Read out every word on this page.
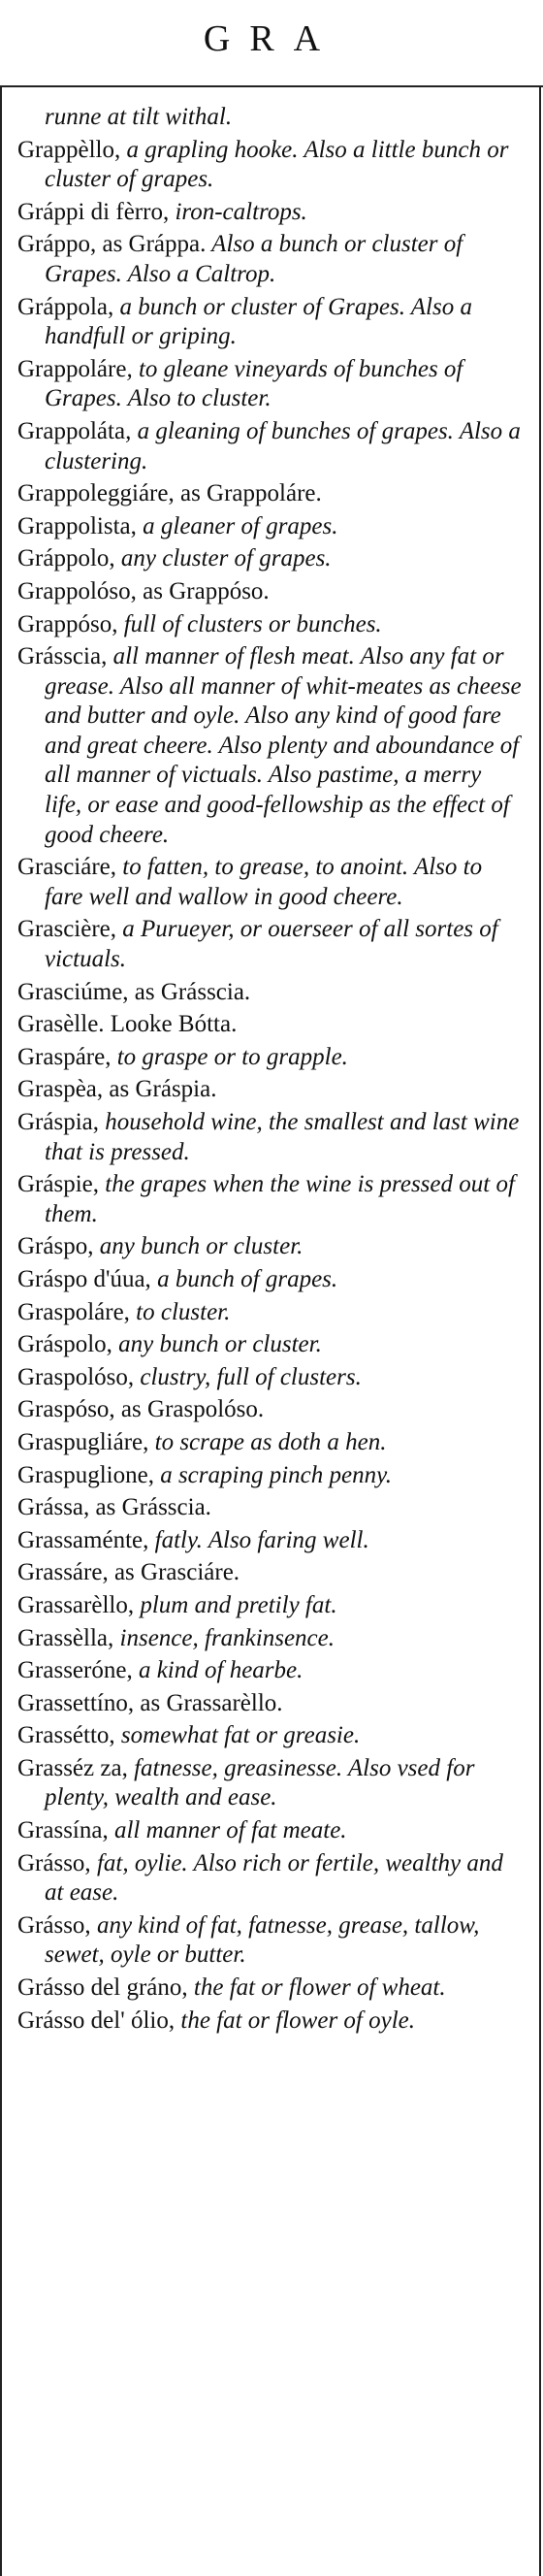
GRA

runne at tilt withal.

Grappèllo, a grapling hooke. Also a little bunch or cluster of grapes.

Gráppi di fèrro, iron-caltrops.

Gráppo, as Gráppa. Also a bunch or cluster of Grapes. Also a Caltrop.

Gráppola, a bunch or cluster of Grapes. Also a handfull or griping.

Grappoláre, to gleane vineyards of bunches of Grapes. Also to cluster.

Grappoláta, a gleaning of bunches of grapes. Also a clustering.

Grappoleggiáre, as Grappoláre.

Grappolista, a gleaner of grapes.

Gráppolo, any cluster of grapes.

Grappolóso, as Grappóso.

Grappóso, full of clusters or bunches.

Grásscia, all manner of flesh meat. Also any fat or grease. Also all manner of whit-meates as cheese and butter and oyle. Also any kind of good fare and great cheere. Also plenty and aboundance of all manner of victuals. Also pastime, a merry life, or ease and good-fellowship as the effect of good cheere.

Grasciáre, to fatten, to grease, to anoint. Also to fare well and wallow in good cheere.

Grascière, a Purueyer, or ouerseer of all sortes of victuals.

Grasciúme, as Grásscia.

Grasèlle. Looke Bótta.

Graspáre, to graspe or to grapple.

Graspèa, as Gráspia.

Gráspia, household wine, the smallest and last wine that is pressed.

Gráspie, the grapes when the wine is pressed out of them.

Gráspo, any bunch or cluster.

Gráspo d'úua, a bunch of grapes.

Graspoláre, to cluster.

Gráspolo, any bunch or cluster.

Graspolóso, clustry, full of clusters.

Graspóso, as Graspolóso.

Graspugliáre, to scrape as doth a hen.

Graspuglione, a scraping pinch penny.

Grássa, as Grásscia.

Grassaménte, fatly. Also faring well.

Grassáre, as Grasciáre.

Grassarèllo, plum and pretily fat.

Grassèlla, insence, frankinsence.

Grasseróne, a kind of hearbe.

Grassettíno, as Grassarèllo.

Grassétto, somewhat fat or greasie.

Grasséz za, fatnesse, greasinesse. Also vsed for plenty, wealth and ease.

Grassína, all manner of fat meate.

Grásso, fat, oylie. Also rich or fertile, wealthy and at ease.

Grásso, any kind of fat, fatnesse, grease, tallow, sewet, oyle or butter.

Grásso del gráno, the fat or flower of wheat.

Grásso del' ólio, the fat or flower of oyle.
